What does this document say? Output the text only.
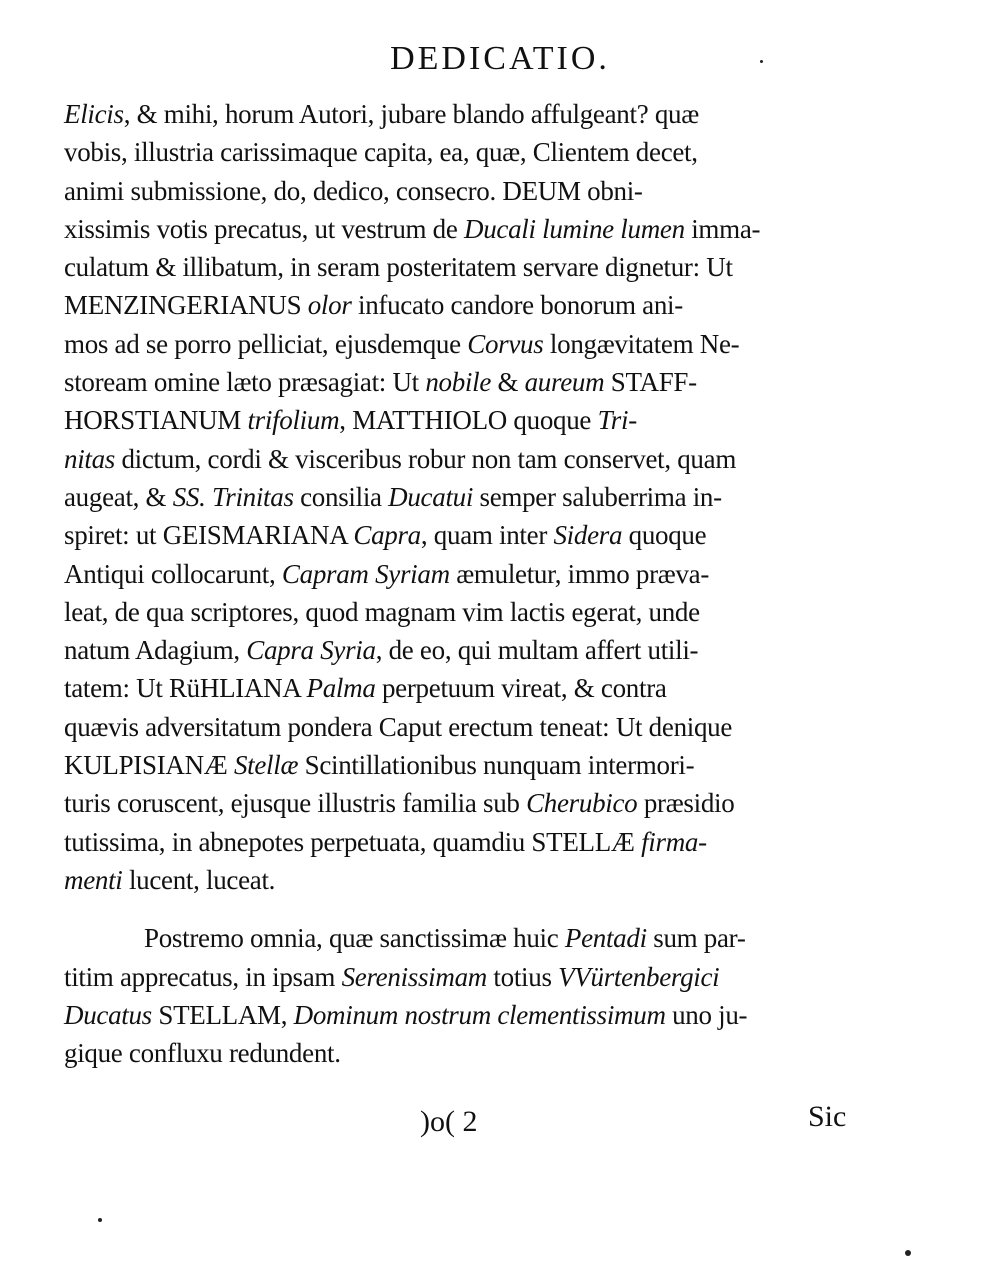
DEDICATIO.
Elicis, & mihi, horum Autori, jubare blando affulgeant? quæ
vobis, illustria carissimaque capita, ea, quæ, Clientem decet,
animi submissione, do, dedico, consecro. DEUM obni-
xissimis votis precatus, ut vestrum de Ducali lumine lumen imma-
culatum & illibatum, in seram posteritatem servare dignetur: Ut
MENZINGERIANUS olor infucato candore bonorum ani-
mos ad se porro pelliciat, ejusdemque Corvus longævitatem Ne-
stoream omine læto præsagiat: Ut nobile & aureum STAFF-
HORSTIANUM trifolium, MATTHIOLO quoque Tri-
nitas dictum, cordi & visceribus robur non tam conservet, quam
augeat, & SS. Trinitas consilia Ducatui semper saluberrima in-
spiret: ut GEISMARIANA Capra, quam inter Sidera quoque
Antiqui collocarunt, Capram Syriam æmuletur, immo præva-
leat, de qua scriptores, quod magnam vim lactis egerat, unde
natum Adagium, Capra Syria, de eo, qui multam affert utili-
tatem: Ut RüHLIANA Palma perpetuum vireat, & contra
quævis adversitatum pondera Caput erectum teneat: Ut denique
KULPISIANÆ Stellæ Scintillationibus nunquam intermori-
turis coruscent, ejusque illustris familia sub Cherubico præsidio
tutissima, in abnepotes perpetuata, quamdiu STELLÆ firma-
menti lucent, luceat.
Postremo omnia, quæ sanctissimæ huic Pentadi sum par-
titim apprecatus, in ipsam Serenissimam totius VVürtenbergici
Ducatus STELLAM, Dominum nostrum clementissimum uno ju-
gique confluxu redundent.
)o( 2	Sic
